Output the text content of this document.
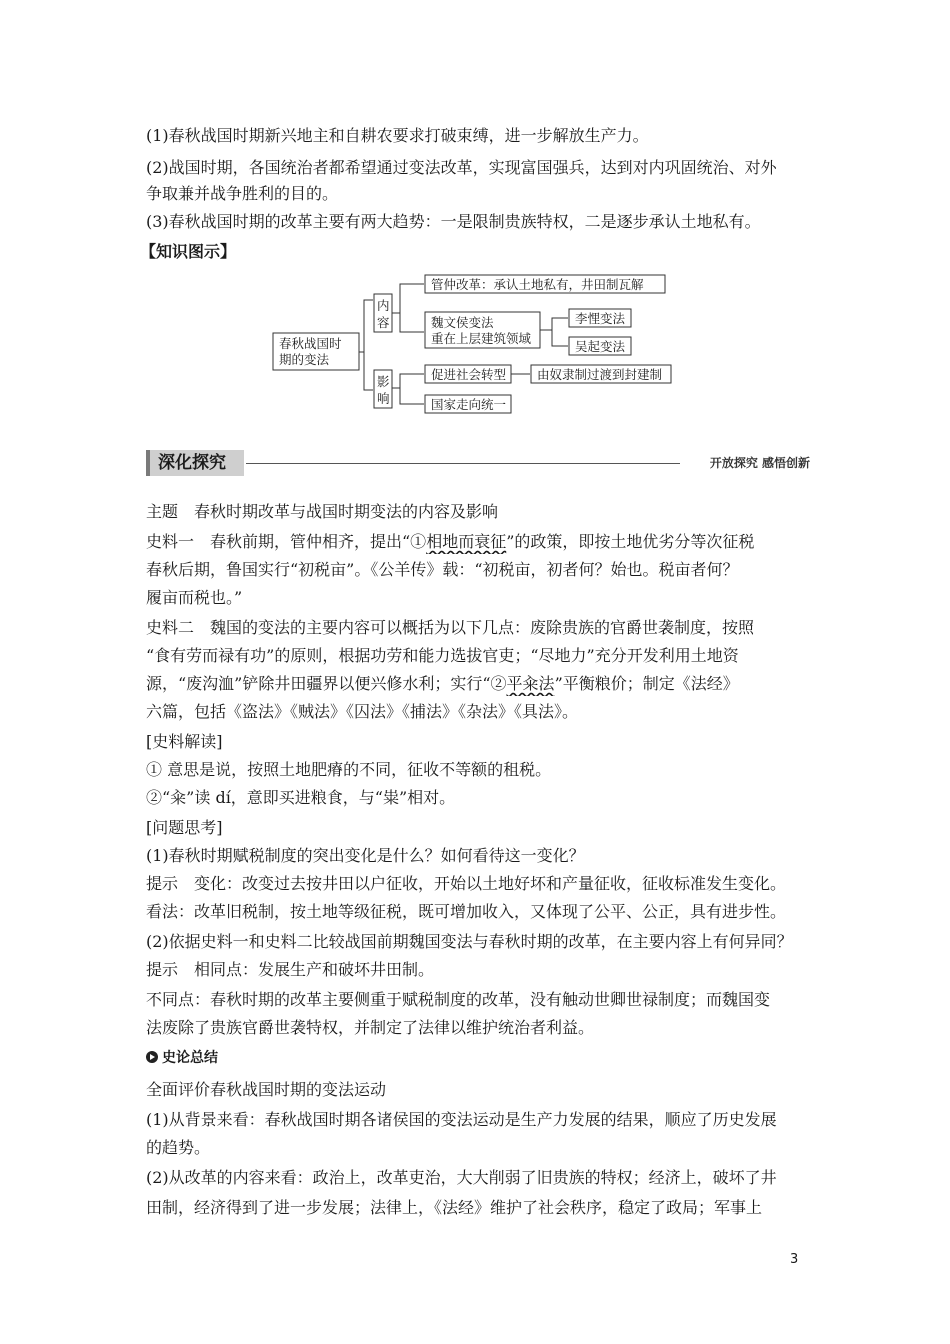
(1)春秋战国时期新兴地主和自耕农要求打破束缚，进一步解放生产力。
(2)战国时期，各国统治者都希望通过变法改革，实现富国强兵，达到对内巩固统治、对外
争取兼并战争胜利的目的。
(3)春秋战国时期的改革主要有两大趋势：一是限制贵族特权，二是逐步承认土地私有。
【知识图示】
春秋战国时
期的变法
内
容
影
响
管仲改革：承认土地私有，井田制瓦解
魏文侯变法
重在上层建筑领域
李悝变法
吴起变法
促进社会转型 由奴隶制过渡到封建制
国家走向统一
深化探究	开放探究 感悟创新
主题　春秋时期改革与战国时期变法的内容及影响
史料一　春秋前期，管仲相齐，提出“①相地而衰征”的政策，即按土地优劣分等次征税
春秋后期，鲁国实行“初税亩”。《公羊传》载：“初税亩，初者何？始也。税亩者何？
履亩而税也。”
史料二　魏国的变法的主要内容可以概括为以下几点：废除贵族的官爵世袭制度，按照
“食有劳而禄有功”的原则，根据功劳和能力选拔官吏；“尽地力”充分开发利用土地资
源，“废沟洫”铲除井田疆界以便兴修水利；实行“②平籴法”平衡粮价；制定《法经》
六篇，包括《盗法》《贼法》《囚法》《捕法》《杂法》《具法》。
[史料解读]
① 意思是说，按照土地肥瘠的不同，征收不等额的租税。
②“籴”读 dí，意即买进粮食，与“粜”相对。
[问题思考]
(1)春秋时期赋税制度的突出变化是什么？如何看待这一变化？
提示　变化：改变过去按井田以户征收，开始以土地好坏和产量征收，征收标准发生变化。
看法：改革旧税制，按土地等级征税，既可增加收入，又体现了公平、公正，具有进步性。
(2)依据史料一和史料二比较战国前期魏国变法与春秋时期的改革，在主要内容上有何异同？
提示　相同点：发展生产和破坏井田制。
不同点：春秋时期的改革主要侧重于赋税制度的改革，没有触动世卿世禄制度；而魏国变
法废除了贵族官爵世袭特权，并制定了法律以维护统治者利益。
史论总结
全面评价春秋战国时期的变法运动
(1)从背景来看：春秋战国时期各诸侯国的变法运动是生产力发展的结果，顺应了历史发展
的趋势。
(2)从改革的内容来看：政治上，改革吏治，大大削弱了旧贵族的特权；经济上，破坏了井
田制，经济得到了进一步发展；法律上，《法经》维护了社会秩序，稳定了政局；军事上
3
